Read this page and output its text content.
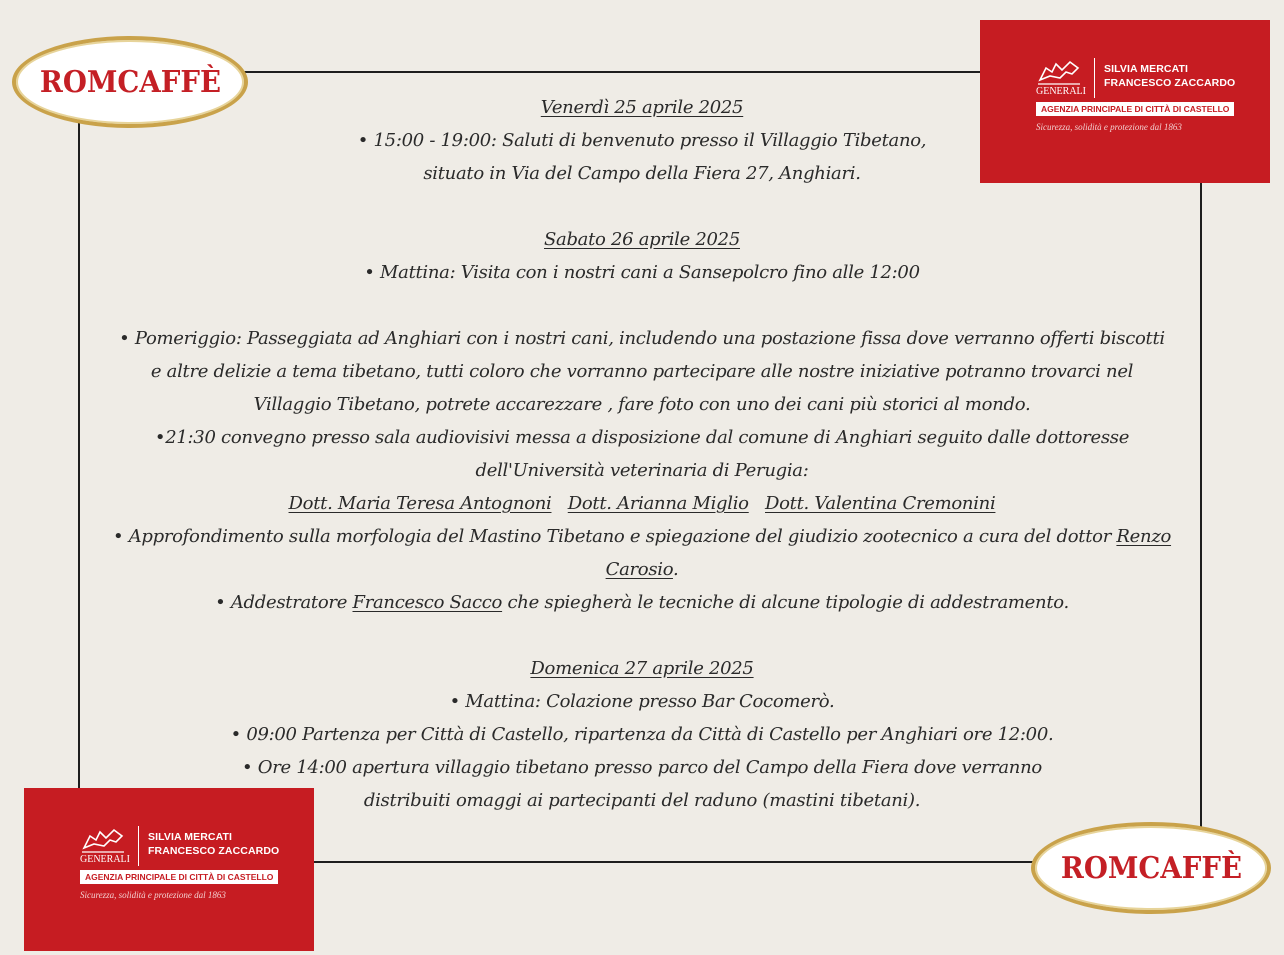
ROMCAFFÈ
ROMCAFFÈ
GENERALI
SILVIA MERCATI
FRANCESCO ZACCARDO
AGENZIA PRINCIPALE DI CITTÀ DI CASTELLO
Sicurezza, solidità e protezione dal 1863
GENERALI
SILVIA MERCATI
FRANCESCO ZACCARDO
AGENZIA PRINCIPALE DI CITTÀ DI CASTELLO
Sicurezza, solidità e protezione dal 1863

Venerdì 25 aprile 2025

• 15:00 - 19:00: Saluti di benvenuto presso il Villaggio Tibetano,

situato in Via del Campo della Fiera 27, Anghiari.

Sabato 26 aprile 2025

• Mattina: Visita con i nostri cani a Sansepolcro fino alle 12:00

• Pomeriggio: Passeggiata ad Anghiari con i nostri cani, includendo una postazione fissa dove verranno offerti biscotti

e altre delizie a tema tibetano, tutti coloro che vorranno partecipare alle nostre iniziative potranno trovarci nel

Villaggio Tibetano, potrete accarezzare , fare foto con uno dei cani più storici al mondo.

•21:30 convegno presso sala audiovisivi messa a disposizione dal comune di Anghiari seguito dalle dottoresse

dell'Università veterinaria di Perugia:

Dott. Maria Teresa Antognoni Dott. Arianna Miglio Dott. Valentina Cremonini

• Approfondimento sulla morfologia del Mastino Tibetano e spiegazione del giudizio zootecnico a cura del dottor Renzo

Carosio.

• Addestratore Francesco Sacco che spiegherà le tecniche di alcune tipologie di addestramento.

Domenica 27 aprile 2025

• Mattina: Colazione presso Bar Cocomerò.

• 09:00 Partenza per Città di Castello, ripartenza da Città di Castello per Anghiari ore 12:00.

• Ore 14:00 apertura villaggio tibetano presso parco del Campo della Fiera dove verranno

distribuiti omaggi ai partecipanti del raduno (mastini tibetani).
